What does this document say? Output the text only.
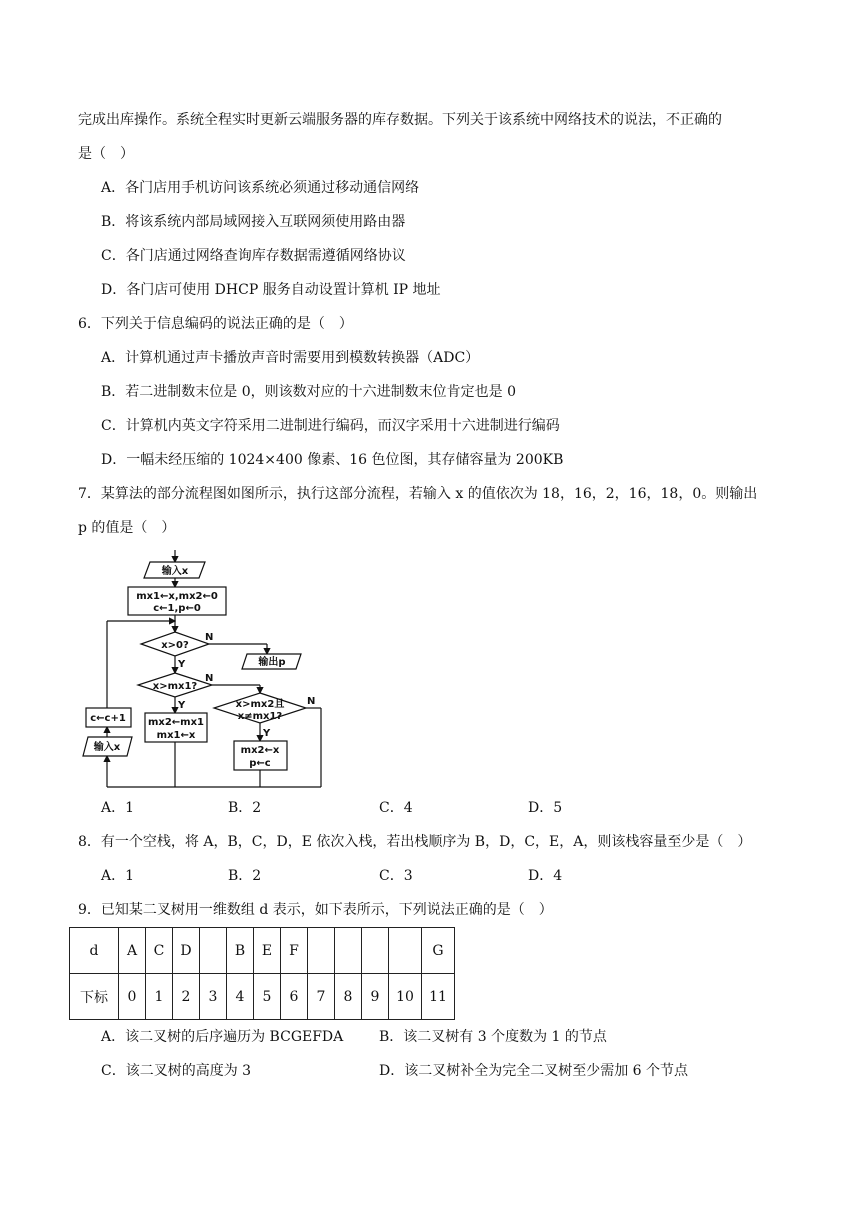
完成出库操作。系统全程实时更新云端服务器的库存数据。下列关于该系统中网络技术的说法，不正确的
是（　）
A．各门店用手机访问该系统必须通过移动通信网络
B．将该系统内部局域网接入互联网须使用路由器
C．各门店通过网络查询库存数据需遵循网络协议
D．各门店可使用 DHCP 服务自动设置计算机 IP 地址
6．下列关于信息编码的说法正确的是（　）
A．计算机通过声卡播放声音时需要用到模数转换器（ADC）
B．若二进制数末位是 0，则该数对应的十六进制数末位肯定也是 0
C．计算机内英文字符采用二进制进行编码，而汉字采用十六进制进行编码
D．一幅未经压缩的 1024×400 像素、16 色位图，其存储容量为 200KB
7．某算法的部分流程图如图所示，执行这部分流程，若输入 x 的值依次为 18，16，2，16，18，0。则输出
p 的值是（　）
输入x
mx1←x,mx2←0
c←1,p←0
x>0?
N
Y	输出p
x>mx1?
N
Y	x>mx2且
x≠mx1?
N
Y
mx2←mx1
mx1←x
mx2←x
p←c
c←c+1
输入x
A．1	B．2	C．4	D．5
8．有一个空栈，将 A，B，C，D，E 依次入栈，若出栈顺序为 B，D，C，E，A，则该栈容量至少是（　）
A．1	B．2	C．3	D．4
9．已知某二叉树用一维数组 d 表示，如下表所示，下列说法正确的是（　）
d	A	C	D		B	E	F					G
下标	0	1	2	3	4	5	6	7	8	9	10	11
A．该二叉树的后序遍历为 BCGEFDA	B．该二叉树有 3 个度数为 1 的节点
C．该二叉树的高度为 3	D．该二叉树补全为完全二叉树至少需加 6 个节点
